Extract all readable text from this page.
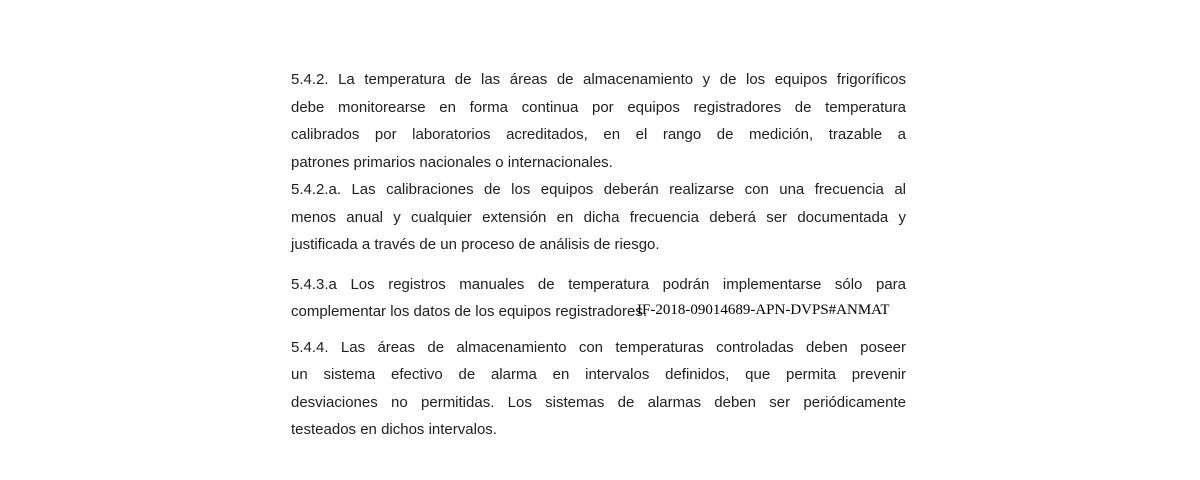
5.4.2. La temperatura de las áreas de almacenamiento y de los equipos frigoríficos
debe monitorearse en forma continua por equipos registradores de temperatura
calibrados por laboratorios acreditados, en el rango de medición, trazable a
patrones primarios nacionales o internacionales.

5.4.2.a. Las calibraciones de los equipos deberán realizarse con una frecuencia al
menos anual y cualquier extensión en dicha frecuencia deberá ser documentada y
justificada a través de un proceso de análisis de riesgo.

5.4.3.a Los registros manuales de temperatura podrán implementarse sólo para
complementar los datos de los equipos registradores.

5.4.4. Las áreas de almacenamiento con temperaturas controladas deben poseer
un sistema efectivo de alarma en intervalos definidos, que permita prevenir
desviaciones no permitidas. Los sistemas de alarmas deben ser periódicamente
testeados en dichos intervalos.

IF-2018-09014689-APN-DVPS#ANMAT
